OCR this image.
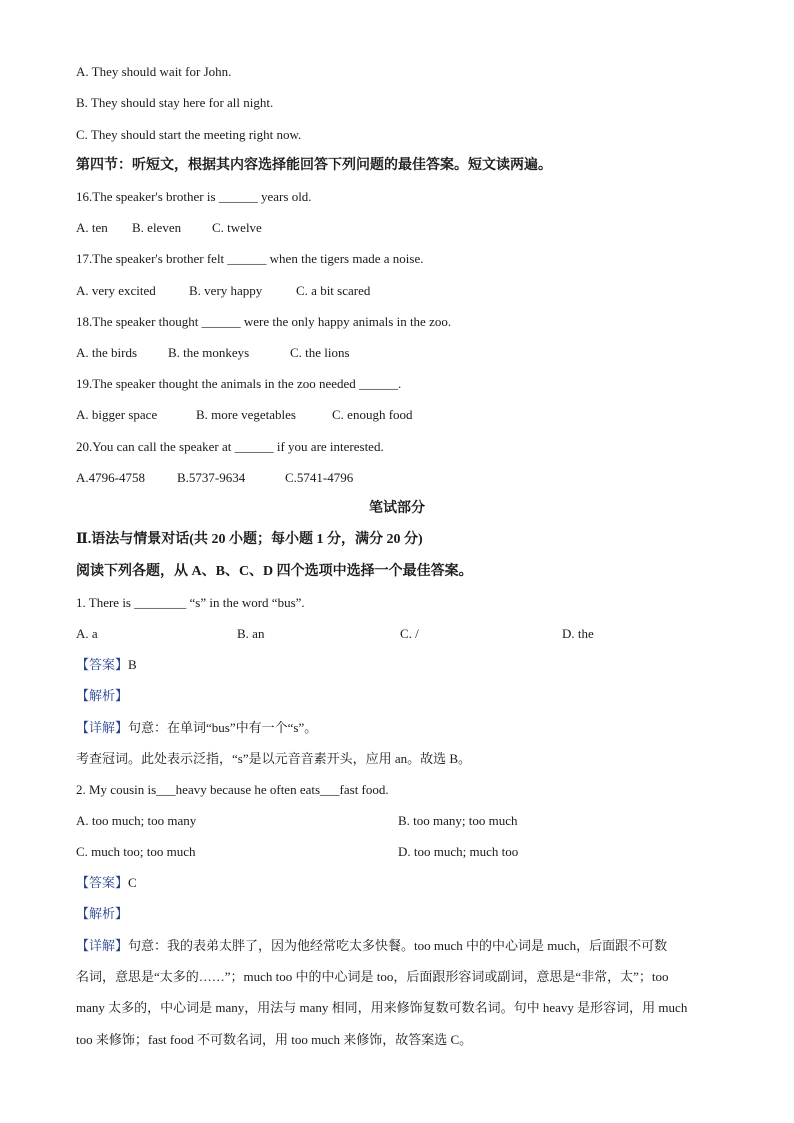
A. They should wait for John.
B. They should stay here for all night.
C. They should start the meeting right now.
第四节：听短文，根据其内容选择能回答下列问题的最佳答案。短文读两遍。
16.The speaker's brother is ______ years old.
A. ten B. eleven C. twelve
17.The speaker's brother felt ______ when the tigers made a noise.
A. very excited	B. very happy	C. a bit scared
18.The speaker thought ______ were the only happy animals in the zoo.
A. the birds B. the monkeys	C. the lions
19.The speaker thought the animals in the zoo needed ______.
A. bigger space	B. more vegetables	C. enough food
20.You can call the speaker at ______ if you are interested.
A.4796-4758 B.5737-9634	C.5741-4796
笔试部分
Ⅱ.语法与情景对话(共 20 小题；每小题 1 分，满分 20 分)
阅读下列各题，从 A、B、C、D 四个选项中选择一个最佳答案。
1. There is ________ “s” in the word “bus”.
A. a	B. an	C. /	D. the
【答案】B
【解析】
【详解】句意：在单词“bus”中有一个“s”。
考查冠词。此处表示泛指，“s”是以元音音素开头，应用 an。故选 B。
2. My cousin is___heavy because he often eats___fast food.
A. too much; too many	B. too many; too much
C. much too; too much	D. too much; much too
【答案】C
【解析】
【详解】句意：我的表弟太胖了，因为他经常吃太多快餐。too much 中的中心词是 much，后面跟不可数
名词，意思是“太多的……”；much too 中的中心词是 too，后面跟形容词或副词，意思是“非常，太”；too
many 太多的，中心词是 many，用法与 many 相同，用来修饰复数可数名词。句中 heavy 是形容词，用 much
too 来修饰；fast food 不可数名词，用 too much 来修饰，故答案选 C。
